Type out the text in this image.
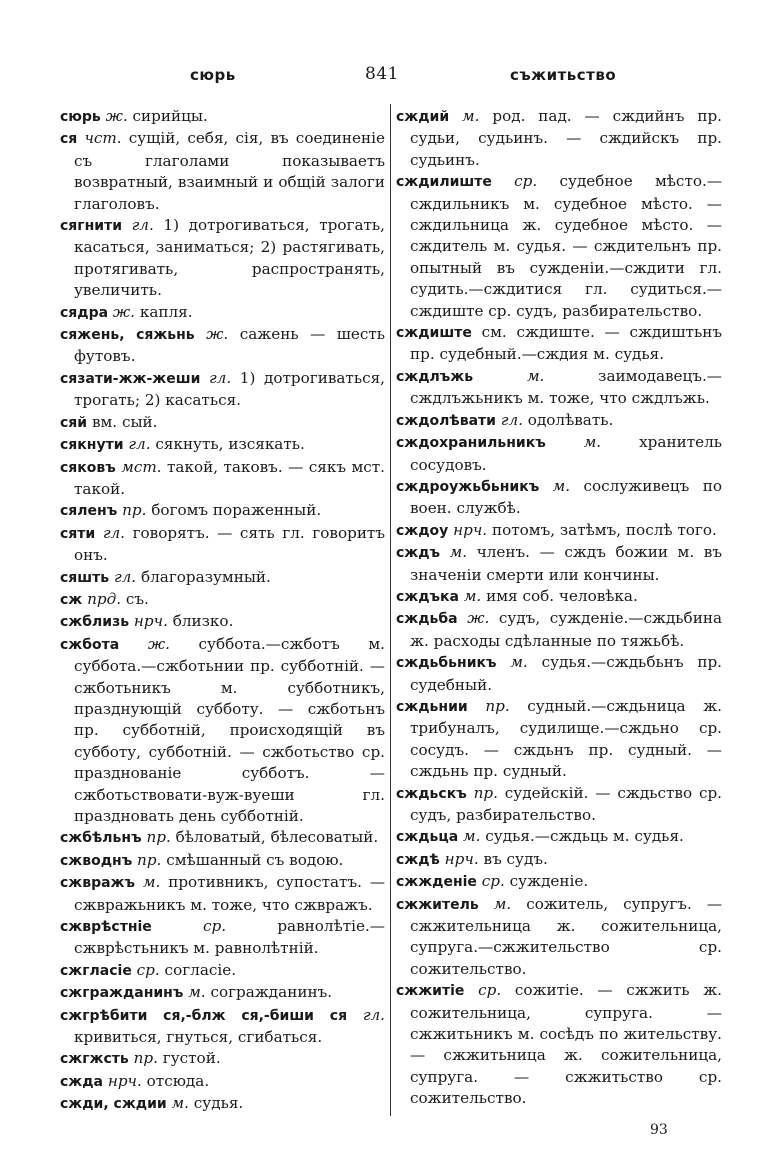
сюрь	841	съжитьство

сюрь ж. сирийцы.

ся чст. сущій, себя, сія, въ соединеніе съ глаголами показываетъ возвратный, взаимный и общій залоги глаголовъ.

сягнити гл. 1) дотрогиваться, трогать, касаться, заниматься; 2) растягивать, протягивать, распространять, увеличить.

сядра ж. капля.

сяжень, сяжьнь ж. сажень — шесть футовъ.

сязати-жж-жеши гл. 1) дотрогиваться, трогать; 2) касаться.

сяй вм. сый.

сякнути гл. сякнуть, изсякать.

сяковъ мст. такой, таковъ. — сякъ мст. такой.

сяленъ пр. богомъ пораженный.

сяти гл. говорятъ. — сять гл. говоритъ онъ.

сяшть гл. благоразумный.

сж прд. съ.

сжблизь нрч. близко.

сжбота ж. суббота.—сжботъ м. суббота.—сжботьнии пр. субботній. — сжботьникъ м. субботникъ, празднующій субботу. — сжботьнъ пр. субботній, происходящій въ субботу, субботній. — сжботьство ср. празднованіе субботъ. — сжботьствовати-вуж-вуеши гл. праздновать день субботній.

сжбѣльнъ пр. бѣловатый, бѣлесоватый.

сжводнъ пр. смѣшанный съ водою.

сжвражъ м. противникъ, супостатъ. — сжвражьникъ м. тоже, что сжвражъ.

сжврѣстніе	ср. равнолѣтіе.—сжврѣстьникъ м. равнолѣтній.

сжгласіе ср. согласіе.

сжгражданинъ м. согражданинъ.

сжгрѣбити ся,-блж ся,-биши ся гл. кривиться, гнуться, сгибаться.

сжгжсть пр. густой.

сжда нрч. отсюда.

сжди, сждии м. судья.

сждий м. род. пад. — сждийнъ пр. судьи, судьинъ. — сждийскъ пр. судьинъ.

сждилиште ср. судебное мѣсто.—сждильникъ м. судебное мѣсто. — сждильница ж. судебное мѣсто. — сждитель м. судья. — сждительнъ пр. опытный въ сужденіи.—сждити гл. судить.—сждитися гл. судиться.— сждиште ср. судъ, разбирательство.

сждиште см. сждиште. — сждиштьнъ пр. судебный.—сждия м. судья.

сждлъжь	м. заимодавецъ.—сждлъжьникъ м. тоже, что сждлъжь.

сждолѣвати гл. одолѣвать.

сждохранильникъ м. хранитель сосудовъ.

сждроужьбьникъ м. сослуживецъ по воен. службѣ.

сждоу нрч. потомъ, затѣмъ, послѣ того.

сждъ м. членъ. — сждъ божии м. въ значеніи смерти или кончины.

сждъка м. имя соб. человѣка.

сждьба ж. судъ, сужденіе.—сждьбина ж. расходы сдѣланные по тяжьбѣ.

сждьбьникъ м. судья.—сждьбьнъ пр. судебный.

сждьнии пр. судный.—сждьница ж. трибуналъ, судилище.—сждьно ср. сосудъ. — сждьнъ пр. судный. — сждьнь пр. судный.

сждьскъ пр. судейскій. — сждьство ср. судъ, разбирательство.

сждьца м. судья.—сждьць м. судья.

сждѣ нрч. въ судъ.

сжжденіе ср. сужденіе.

сжжитель м. сожитель, супругъ. — сжжительница ж. сожительница, супруга.—сжжительство ср. сожительство.

сжжитіе ср. сожитіе. — сжжить ж. сожительница, супруга. — сжжитьникъ м. сосѣдъ по жительству. — сжжитьница ж. сожительница, супруга. — сжжитьство ср. сожительство.

93
